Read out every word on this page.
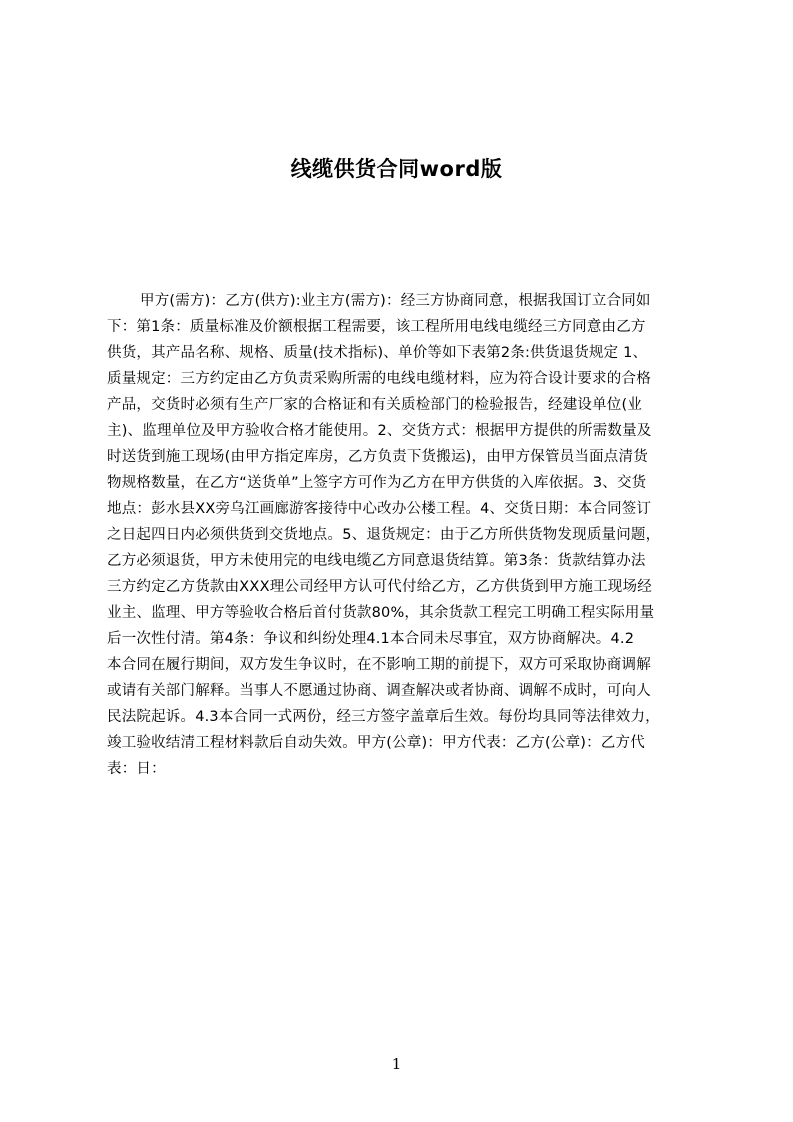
线缆供货合同word版
甲方(需方)：乙方(供方):业主方(需方)：经三方协商同意，根据我国订立合同如
下：第1条：质量标准及价额根据工程需要，该工程所用电线电缆经三方同意由乙方
供货，其产品名称、规格、质量(技术指标)、单价等如下表第2条:供货退货规定 1、
质量规定：三方约定由乙方负责采购所需的电线电缆材料，应为符合设计要求的合格
产品，交货时必须有生产厂家的合格证和有关质检部门的检验报告，经建设单位(业
主)、监理单位及甲方验收合格才能使用。2、交货方式：根据甲方提供的所需数量及
时送货到施工现场(由甲方指定库房，乙方负责下货搬运)，由甲方保管员当面点清货
物规格数量，在乙方“送货单”上签字方可作为乙方在甲方供货的入库依据。3、交货
地点：彭水县XX旁乌江画廊游客接待中心改办公楼工程。4、交货日期：本合同签订
之日起四日内必须供货到交货地点。5、退货规定：由于乙方所供货物发现质量问题，
乙方必须退货，甲方未使用完的电线电缆乙方同意退货结算。第3条：货款结算办法
三方约定乙方货款由XXX理公司经甲方认可代付给乙方，乙方供货到甲方施工现场经
业主、监理、甲方等验收合格后首付货款80%，其余货款工程完工明确工程实际用量
后一次性付清。第4条：争议和纠纷处理4.1本合同未尽事宜，双方协商解决。4.2
本合同在履行期间，双方发生争议时，在不影响工期的前提下，双方可采取协商调解
或请有关部门解释。当事人不愿通过协商、调查解决或者协商、调解不成时，可向人
民法院起诉。4.3本合同一式两份，经三方签字盖章后生效。每份均具同等法律效力，
竣工验收结清工程材料款后自动失效。甲方(公章)：甲方代表：乙方(公章)：乙方代
表：日：
1
